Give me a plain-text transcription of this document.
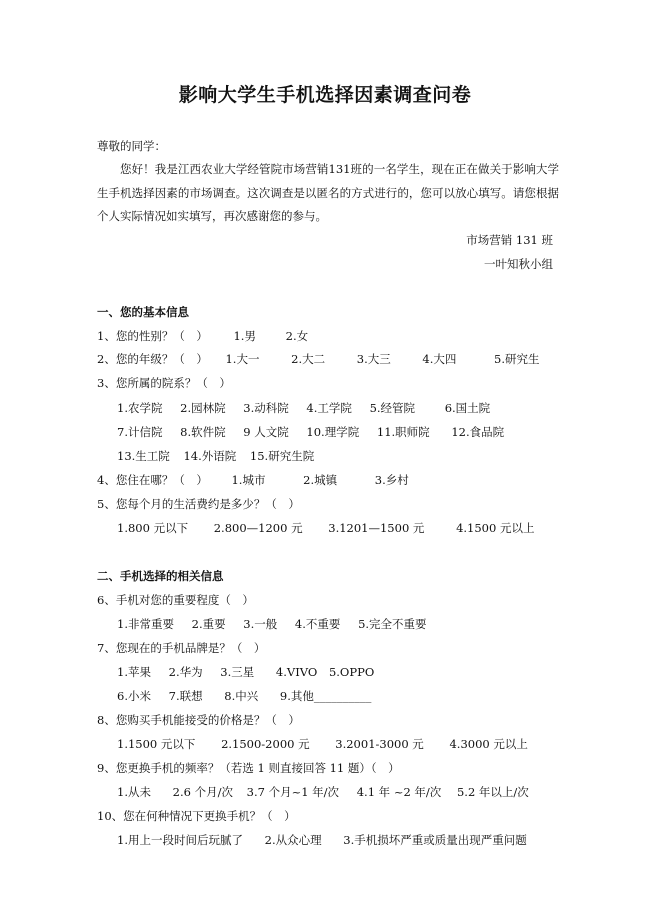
影响大学生手机选择因素调查问卷
尊敬的同学：
您好！我是江西农业大学经管院市场营销131班的一名学生，现在正在做关于影响大学生手机选择因素的市场调查。这次调查是以匿名的方式进行的，您可以放心填写。请您根据个人实际情况如实填写，再次感谢您的参与。
市场营销 131 班
一叶知秋小组
一、您的基本信息
1、您的性别？（　） 1.男	2.女
2、您的年级？（　） 1.大一	2.大二	3.大三	4.大四	5.研究生
3、您所属的院系？（　）
1.农学院 2.园林院 3.动科院 4.工学院 5.经管院	6.国土院
7.计信院 8.软件院 9 人文院 10.理学院 11.职师院 12.食品院
13.生工院 14.外语院 15.研究生院
4、您住在哪？（　） 1.城市	2.城镇	3.乡村
5、您每个月的生活费约是多少？（　）
1.800 元以下 2.800—1200 元 3.1201—1500 元	4.1500 元以上
二、手机选择的相关信息
6、手机对您的重要程度（　）
1.非常重要 2.重要 3.一般 4.不重要 5.完全不重要
7、您现在的手机品牌是？（　）
1.苹果 2.华为 3.三星 4.VIVO 5.OPPO
6.小米 7.联想 8.中兴 9.其他__________
8、您购买手机能接受的价格是？（　）
1.1500 元以下 2.1500-2000 元 3.2001-3000 元 4.3000 元以上
9、您更换手机的频率？（若选 1 则直接回答 11 题）（　）
1.从未 2.6 个月/次 3.7 个月~1 年/次 4.1 年 ~2 年/次 5.2 年以上/次
10、您在何种情况下更换手机？（　）
1.用上一段时间后玩腻了 2.从众心理 3.手机损坏严重或质量出现严重问题
